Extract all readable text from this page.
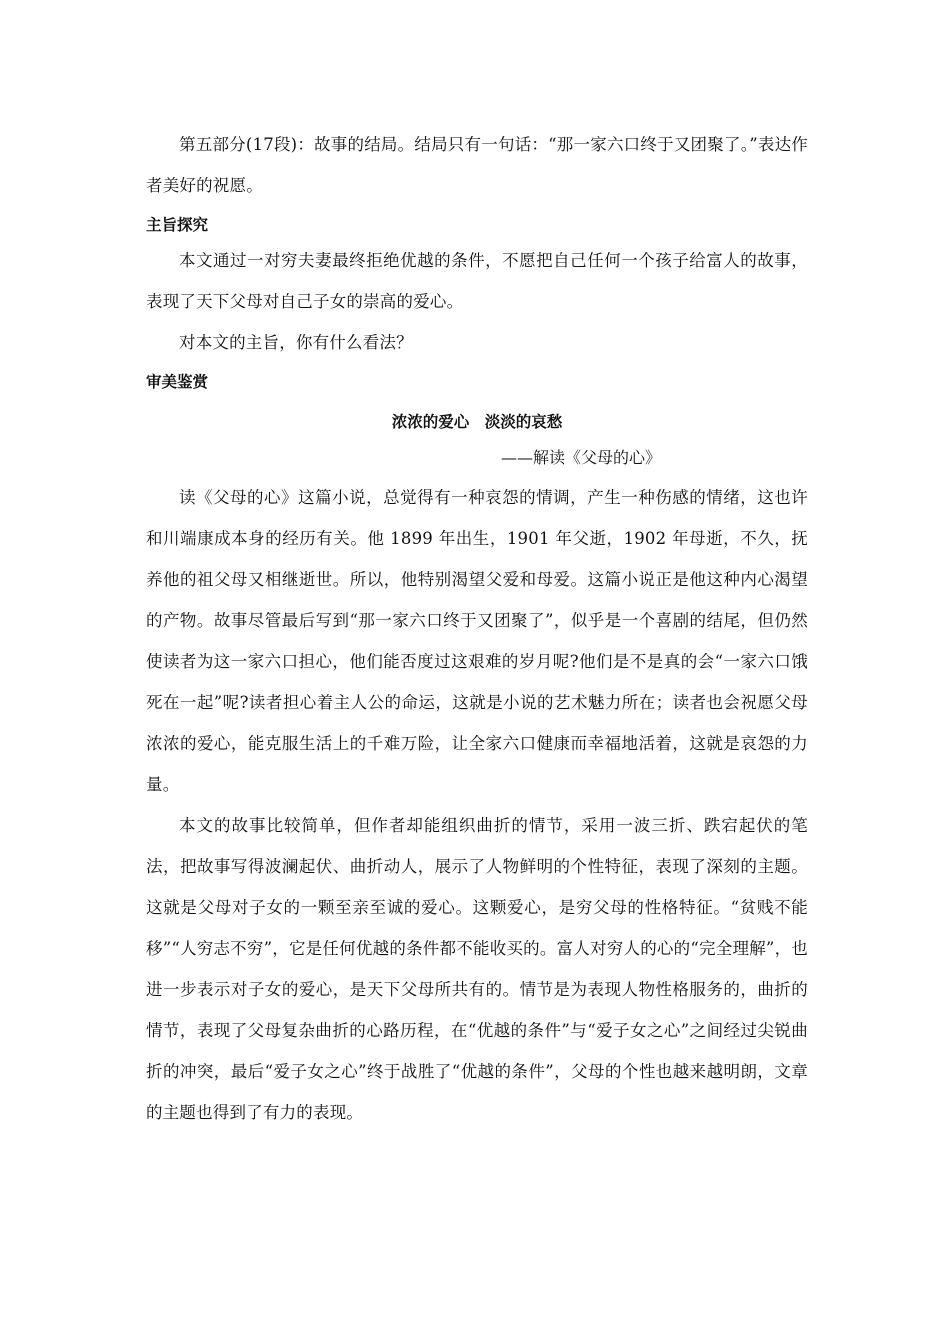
第五部分(17段)：故事的结局。结局只有一句话：“那一家六口终于又团聚了。”表达作者美好的祝愿。

主旨探究

本文通过一对穷夫妻最终拒绝优越的条件，不愿把自己任何一个孩子给富人的故事，表现了天下父母对自己子女的崇高的爱心。

对本文的主旨，你有什么看法？

审美鉴赏
浓浓的爱心　淡淡的哀愁
——解读《父母的心》

读《父母的心》这篇小说，总觉得有一种哀怨的情调，产生一种伤感的情绪，这也许和川端康成本身的经历有关。他 1899 年出生，1901 年父逝，1902 年母逝，不久，抚养他的祖父母又相继逝世。所以，他特别渴望父爱和母爱。这篇小说正是他这种内心渴望的产物。故事尽管最后写到“那一家六口终于又团聚了”，似乎是一个喜剧的结尾，但仍然使读者为这一家六口担心，他们能否度过这艰难的岁月呢?他们是不是真的会“一家六口饿死在一起”呢?读者担心着主人公的命运，这就是小说的艺术魅力所在；读者也会祝愿父母浓浓的爱心，能克服生活上的千难万险，让全家六口健康而幸福地活着，这就是哀怨的力量。

本文的故事比较简单，但作者却能组织曲折的情节，采用一波三折、跌宕起伏的笔法，把故事写得波澜起伏、曲折动人，展示了人物鲜明的个性特征，表现了深刻的主题。这就是父母对子女的一颗至亲至诚的爱心。这颗爱心，是穷父母的性格特征。“贫贱不能移”“人穷志不穷”，它是任何优越的条件都不能收买的。富人对穷人的心的“完全理解”，也进一步表示对子女的爱心，是天下父母所共有的。情节是为表现人物性格服务的，曲折的情节，表现了父母复杂曲折的心路历程，在“优越的条件”与“爱子女之心”之间经过尖锐曲折的冲突，最后“爱子女之心”终于战胜了“优越的条件”，父母的个性也越来越明朗，文章的主题也得到了有力的表现。
